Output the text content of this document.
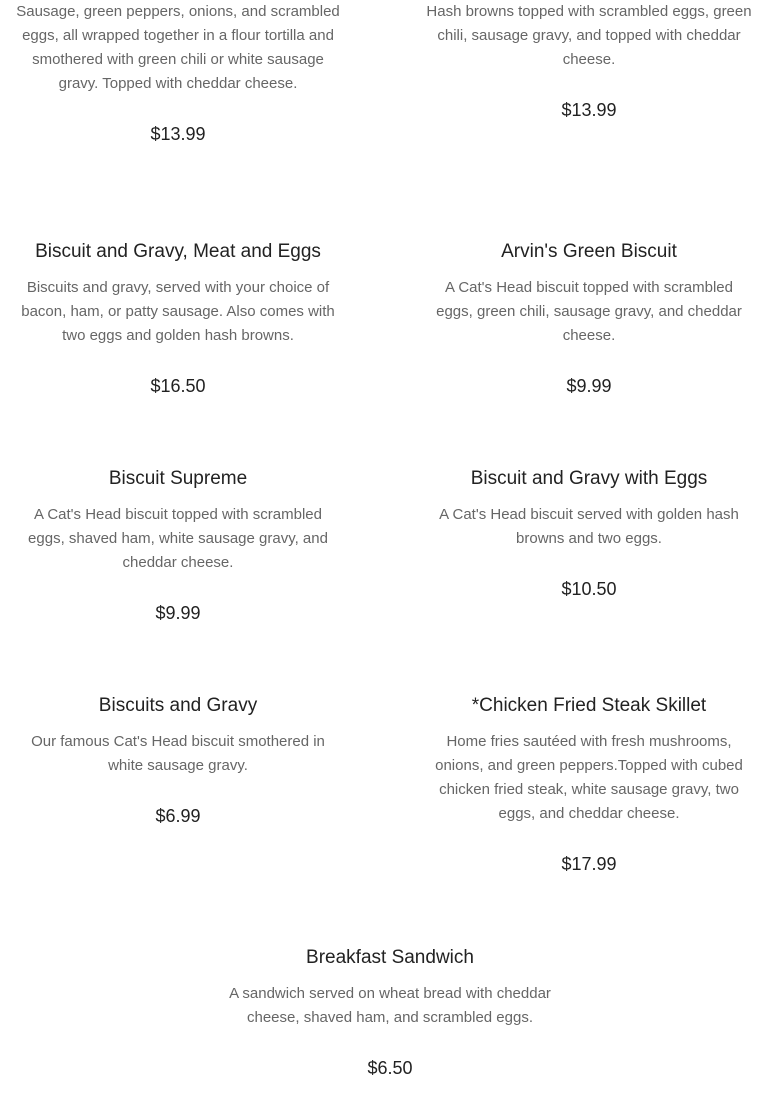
Sausage, green peppers, onions, and scrambled eggs, all wrapped together in a flour tortilla and smothered with green chili or white sausage gravy. Topped with cheddar cheese.
$13.99
Hash browns topped with scrambled eggs, green chili, sausage gravy, and topped with cheddar cheese.
$13.99
Biscuit and Gravy, Meat and Eggs
Biscuits and gravy, served with your choice of bacon, ham, or patty sausage. Also comes with two eggs and golden hash browns.
$16.50
Arvin's Green Biscuit
A Cat's Head biscuit topped with scrambled eggs, green chili, sausage gravy, and cheddar cheese.
$9.99
Biscuit Supreme
A Cat's Head biscuit topped with scrambled eggs, shaved ham, white sausage gravy, and cheddar cheese.
$9.99
Biscuit and Gravy with Eggs
A Cat's Head biscuit served with golden hash browns and two eggs.
$10.50
Biscuits and Gravy
Our famous Cat's Head biscuit smothered in white sausage gravy.
$6.99
*Chicken Fried Steak Skillet
Home fries sautéed with fresh mushrooms, onions, and green peppers.Topped with cubed chicken fried steak, white sausage gravy, two eggs, and cheddar cheese.
$17.99
Breakfast Sandwich
A sandwich served on wheat bread with cheddar cheese, shaved ham, and scrambled eggs.
$6.50
